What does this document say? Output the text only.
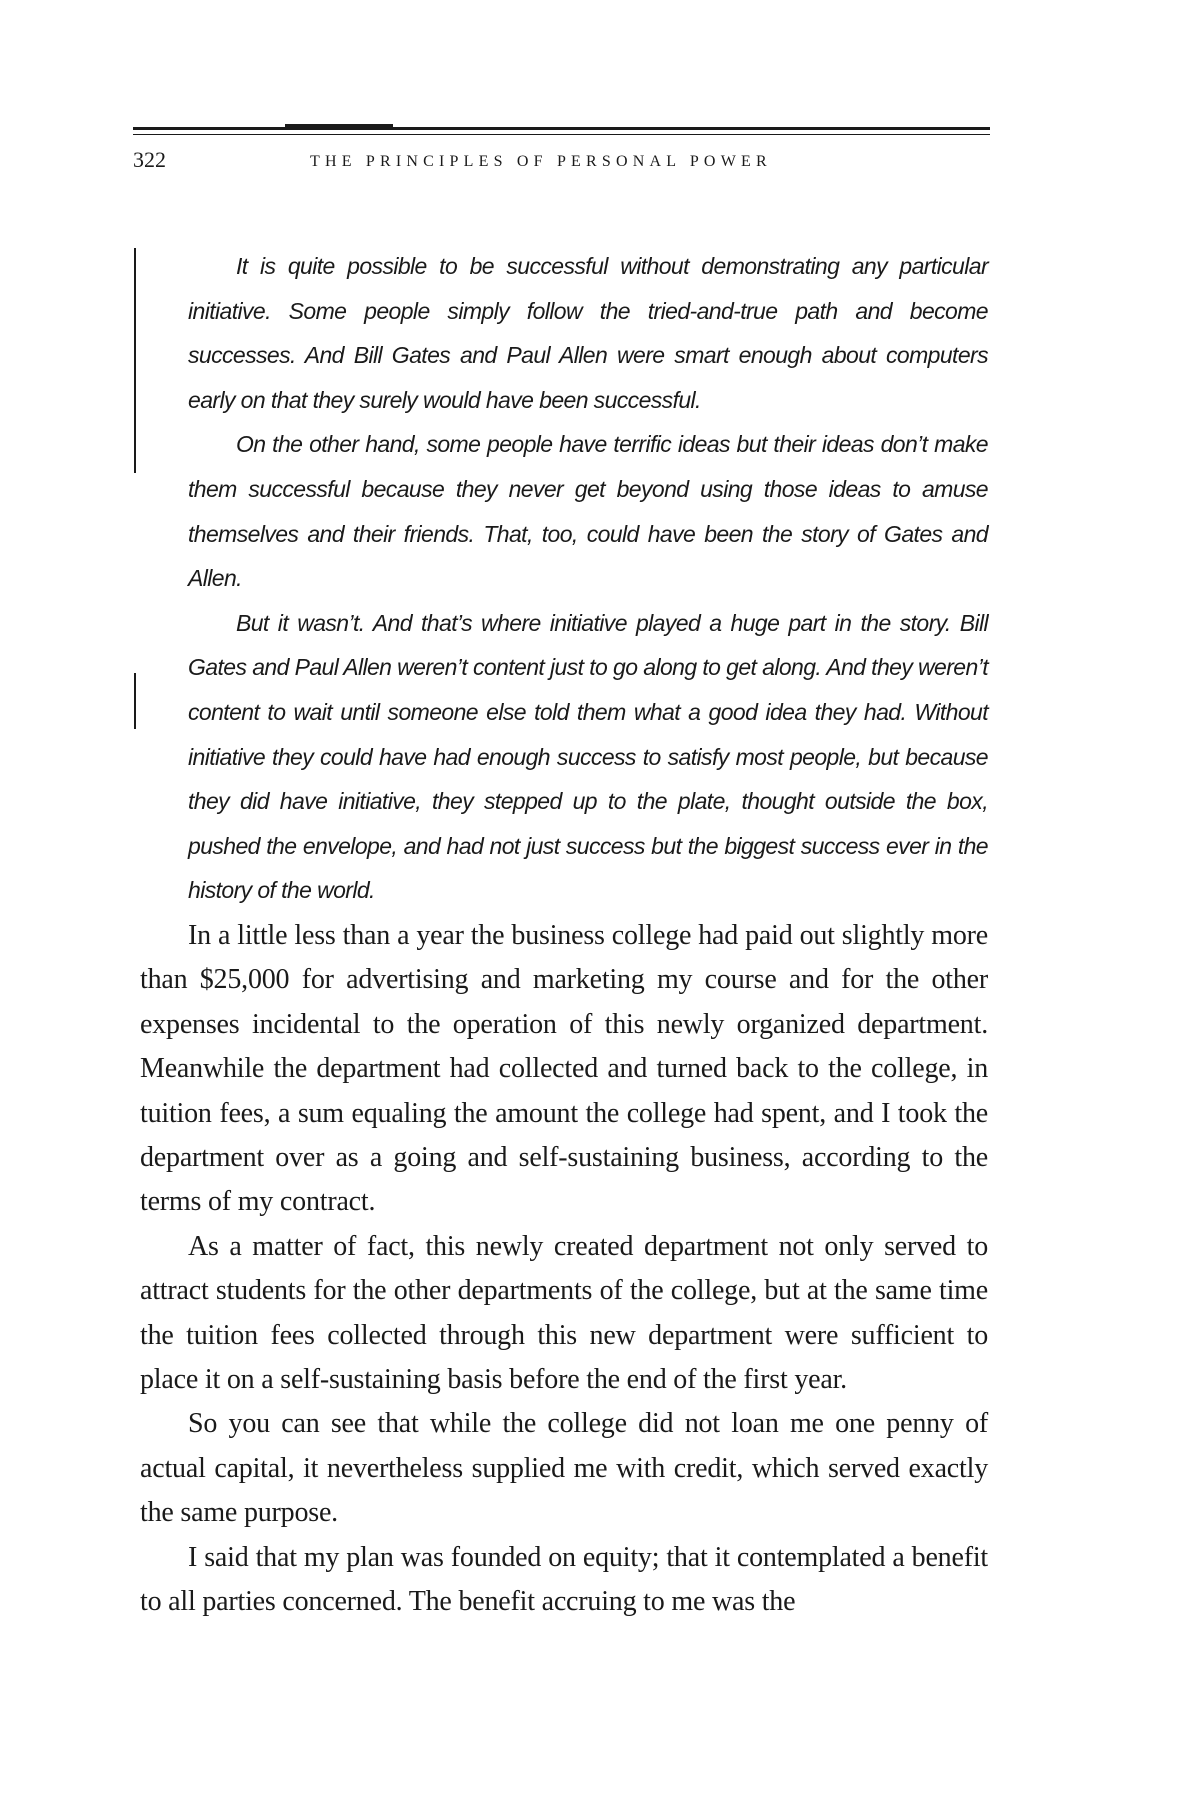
322	THE PRINCIPLES OF PERSONAL POWER

It is quite possible to be successful without demonstrating any particular initiative. Some people simply follow the tried-and-true path and become successes. And Bill Gates and Paul Allen were smart enough about computers early on that they surely would have been successful.

On the other hand, some people have terrific ideas but their ideas don’t make them successful because they never get beyond using those ideas to amuse themselves and their friends. That, too, could have been the story of Gates and Allen.

But it wasn’t. And that’s where initiative played a huge part in the story. Bill Gates and Paul Allen weren’t content just to go along to get along. And they weren’t content to wait until someone else told them what a good idea they had. Without initiative they could have had enough success to satisfy most people, but because they did have initiative, they stepped up to the plate, thought outside the box, pushed the envelope, and had not just success but the biggest success ever in the history of the world.

In a little less than a year the business college had paid out slightly more than $25,000 for advertising and marketing my course and for the other expenses incidental to the operation of this newly organized department. Meanwhile the department had collected and turned back to the college, in tuition fees, a sum equaling the amount the college had spent, and I took the department over as a going and self-sustaining business, according to the terms of my contract.

As a matter of fact, this newly created department not only served to attract students for the other departments of the college, but at the same time the tuition fees collected through this new department were sufficient to place it on a self-sustaining basis before the end of the first year.

So you can see that while the college did not loan me one penny of actual capital, it nevertheless supplied me with credit, which served exactly the same purpose.

I said that my plan was founded on equity; that it contemplated a benefit to all parties concerned. The benefit accruing to me was the
